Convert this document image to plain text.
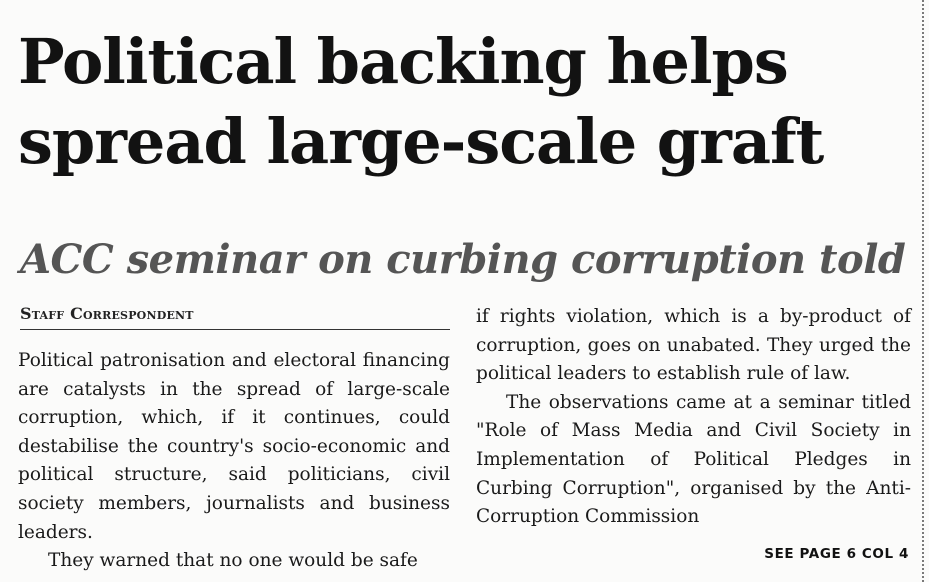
Political backing helps
spread large-scale graft
ACC seminar on curbing corruption told
Staff Correspondent

Political patronisation and electoral financing are catalysts in the spread of large-scale corruption, which, if it continues, could destabilise the country's socio-economic and political structure, said politicians, civil society members, journalists and business leaders.

They warned that no one would be safe

if rights violation, which is a by-product of corruption, goes on unabated. They urged the political leaders to establish rule of law.

The observations came at a seminar titled "Role of Mass Media and Civil Society in Implementation of Political Pledges in Curbing Corruption", organised by the Anti-Corruption Commission

SEE PAGE 6 COL 4
